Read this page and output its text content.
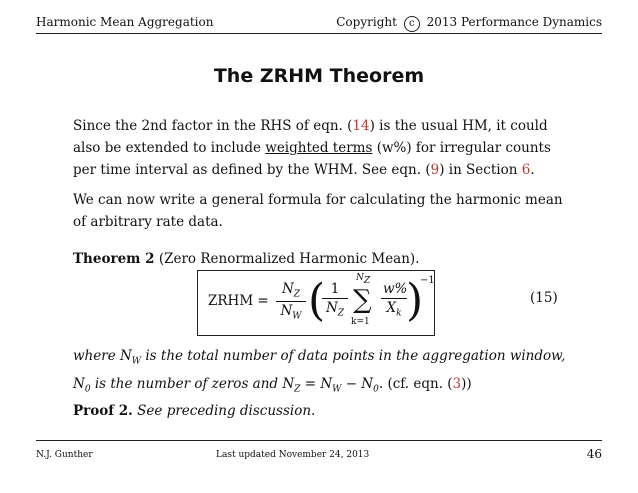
Harmonic Mean Aggregation	Copyright c 2013 Performance Dynamics
The ZRHM Theorem
Since the 2nd factor in the RHS of eqn. (14) is the usual HM, it could also be extended to include weighted terms (w%) for irregular counts per time interval as defined by the WHM. See eqn. (9) in Section 6.
We can now write a general formula for calculating the harmonic mean of arbitrary rate data.
Theorem 2 (Zero Renormalized Harmonic Mean).
ZRHM =
$N_Z$
$N_W$ ( 1
$N_Z$
$N_Z$
∑
k=1
w%
$X_k$ )
−1
(15)
where $N_W$ is the total number of data points in the aggregation window, $N_0$ is the number of zeros and $N_Z = N_W - N_0$. (cf. eqn. (3))
Proof 2. See preceding discussion.
N.J. Gunther	Last updated November 24, 2013	46
